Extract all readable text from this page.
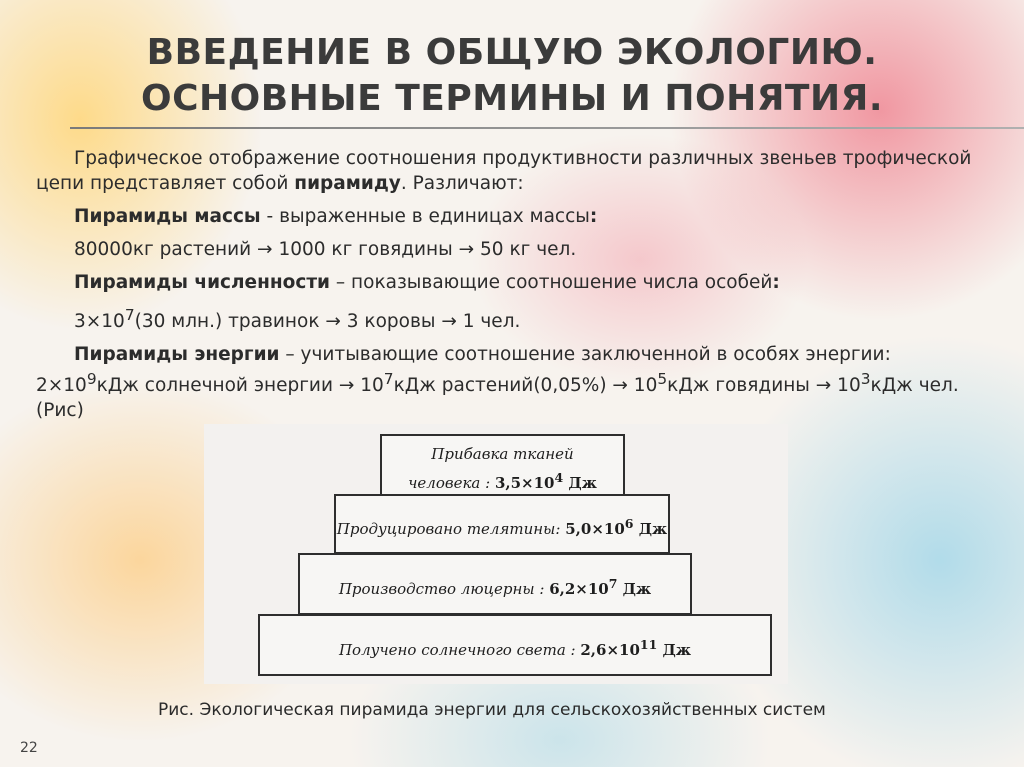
ВВЕДЕНИЕ В ОБЩУЮ ЭКОЛОГИЮ.
ОСНОВНЫЕ ТЕРМИНЫ И ПОНЯТИЯ.

Графическое отображение соотношения продуктивности различных звеньев трофической цепи представляет собой пирамиду. Различают:

Пирамиды массы - выраженные в единицах массы:

80000кг растений → 1000 кг говядины → 50 кг чел.

Пирамиды численности – показывающие соотношение числа особей:

$3\times 10^7(30$ млн.) травинок → 3 коровы → 1 чел.

Пирамиды энергии – учитывающие соотношение заключенной в особях энергии:
$2\times 10^9кДж$ солнечной энергии → $10^7кДж$ растений(0,05%) → $10^5кДж$ говядины → $10^3кДж$ чел. (Рис)

Прибавка тканей
человека : $3,5\times 10^4$ Дж
Продуцировано телятины: $5,0\times 10^6$ Дж
Производство люцерны : $6,2\times 10^7$ Дж
Получено солнечного света : $2,6\times 10^{11}$ Дж
Рис. Экологическая пирамида энергии для сельскохозяйственных систем
22
